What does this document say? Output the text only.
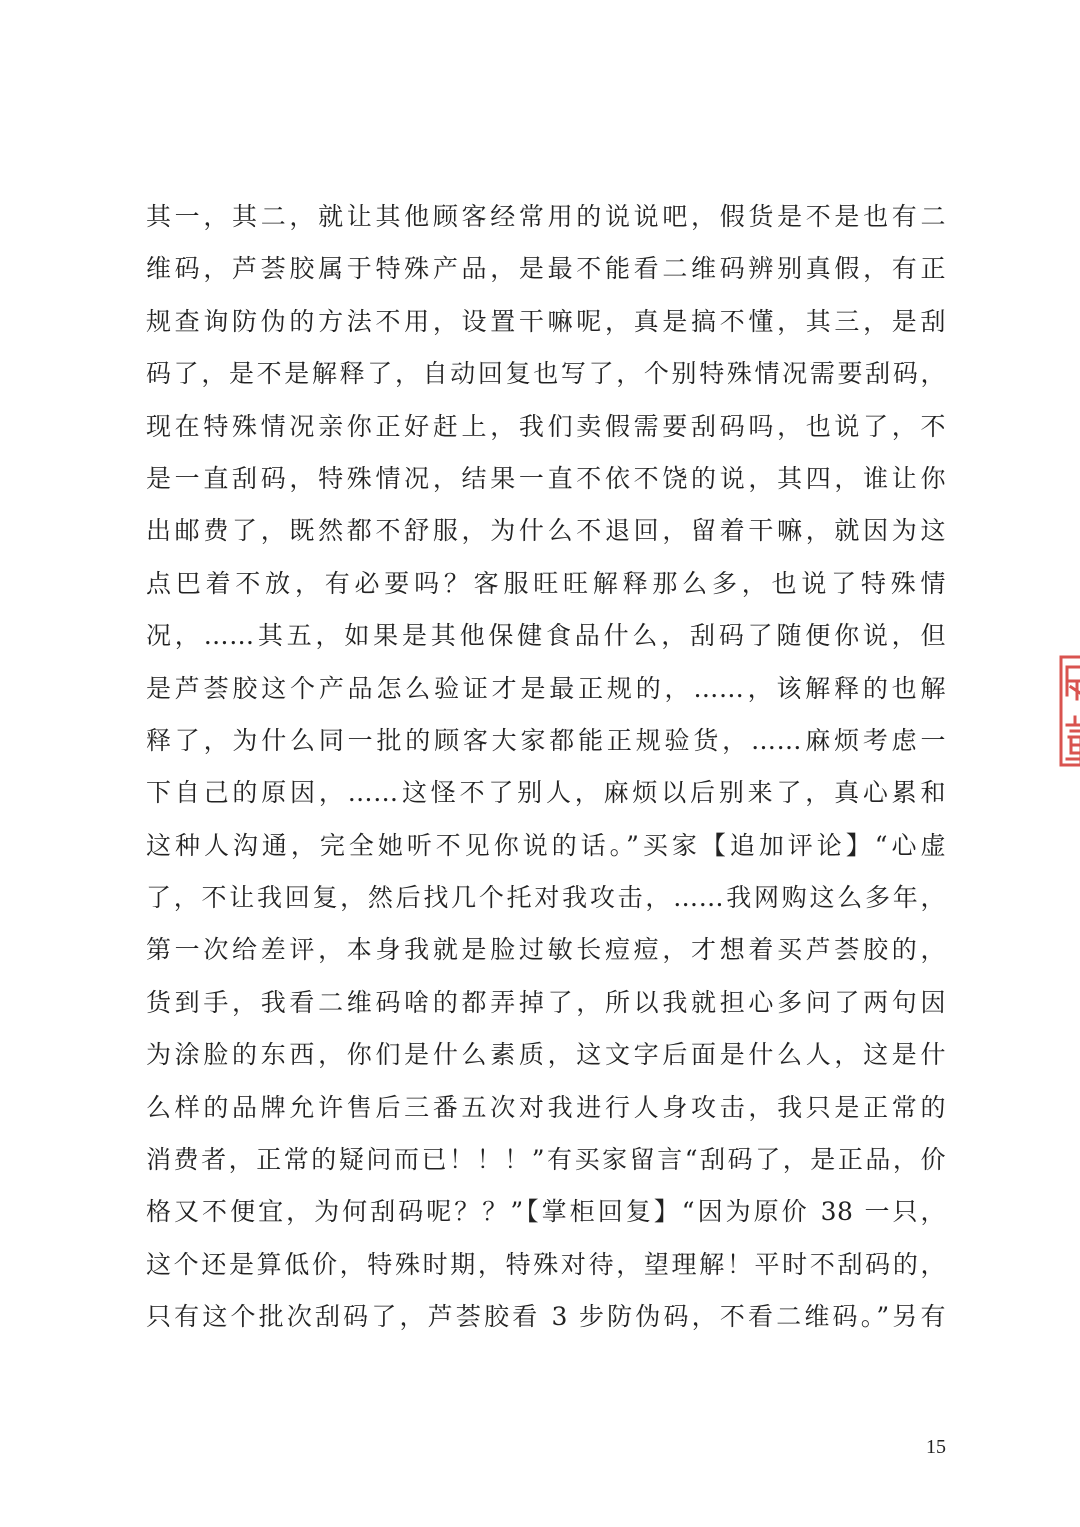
其一，其二，就让其他顾客经常用的说说吧，假货是不是也有二
维码，芦荟胶属于特殊产品，是最不能看二维码辨别真假，有正
规查询防伪的方法不用，设置干嘛呢，真是搞不懂，其三，是刮
码了，是不是解释了，自动回复也写了，个别特殊情况需要刮码，
现在特殊情况亲你正好赶上，我们卖假需要刮码吗，也说了，不
是一直刮码，特殊情况，结果一直不依不饶的说，其四，谁让你
出邮费了，既然都不舒服，为什么不退回，留着干嘛，就因为这
点巴着不放，有必要吗？客服旺旺解释那么多，也说了特殊情
况，……其五，如果是其他保健食品什么，刮码了随便你说，但
是芦荟胶这个产品怎么验证才是最正规的，……，该解释的也解
释了，为什么同一批的顾客大家都能正规验货，……麻烦考虑一
下自己的原因，……这怪不了别人，麻烦以后别来了，真心累和
这种人沟通，完全她听不见你说的话。”买家【追加评论】“心虚
了，不让我回复，然后找几个托对我攻击，……我网购这么多年，
第一次给差评，本身我就是脸过敏长痘痘，才想着买芦荟胶的，
货到手，我看二维码啥的都弄掉了，所以我就担心多问了两句因
为涂脸的东西，你们是什么素质，这文字后面是什么人，这是什
么样的品牌允许售后三番五次对我进行人身攻击，我只是正常的
消费者，正常的疑问而已！！！”有买家留言“刮码了，是正品，价
格又不便宜，为何刮码呢？？”【掌柜回复】“因为原价 38 一只，
这个还是算低价，特殊时期，特殊对待，望理解！平时不刮码的，
只有这个批次刮码了，芦荟胶看 3 步防伪码，不看二维码。”另有
15
